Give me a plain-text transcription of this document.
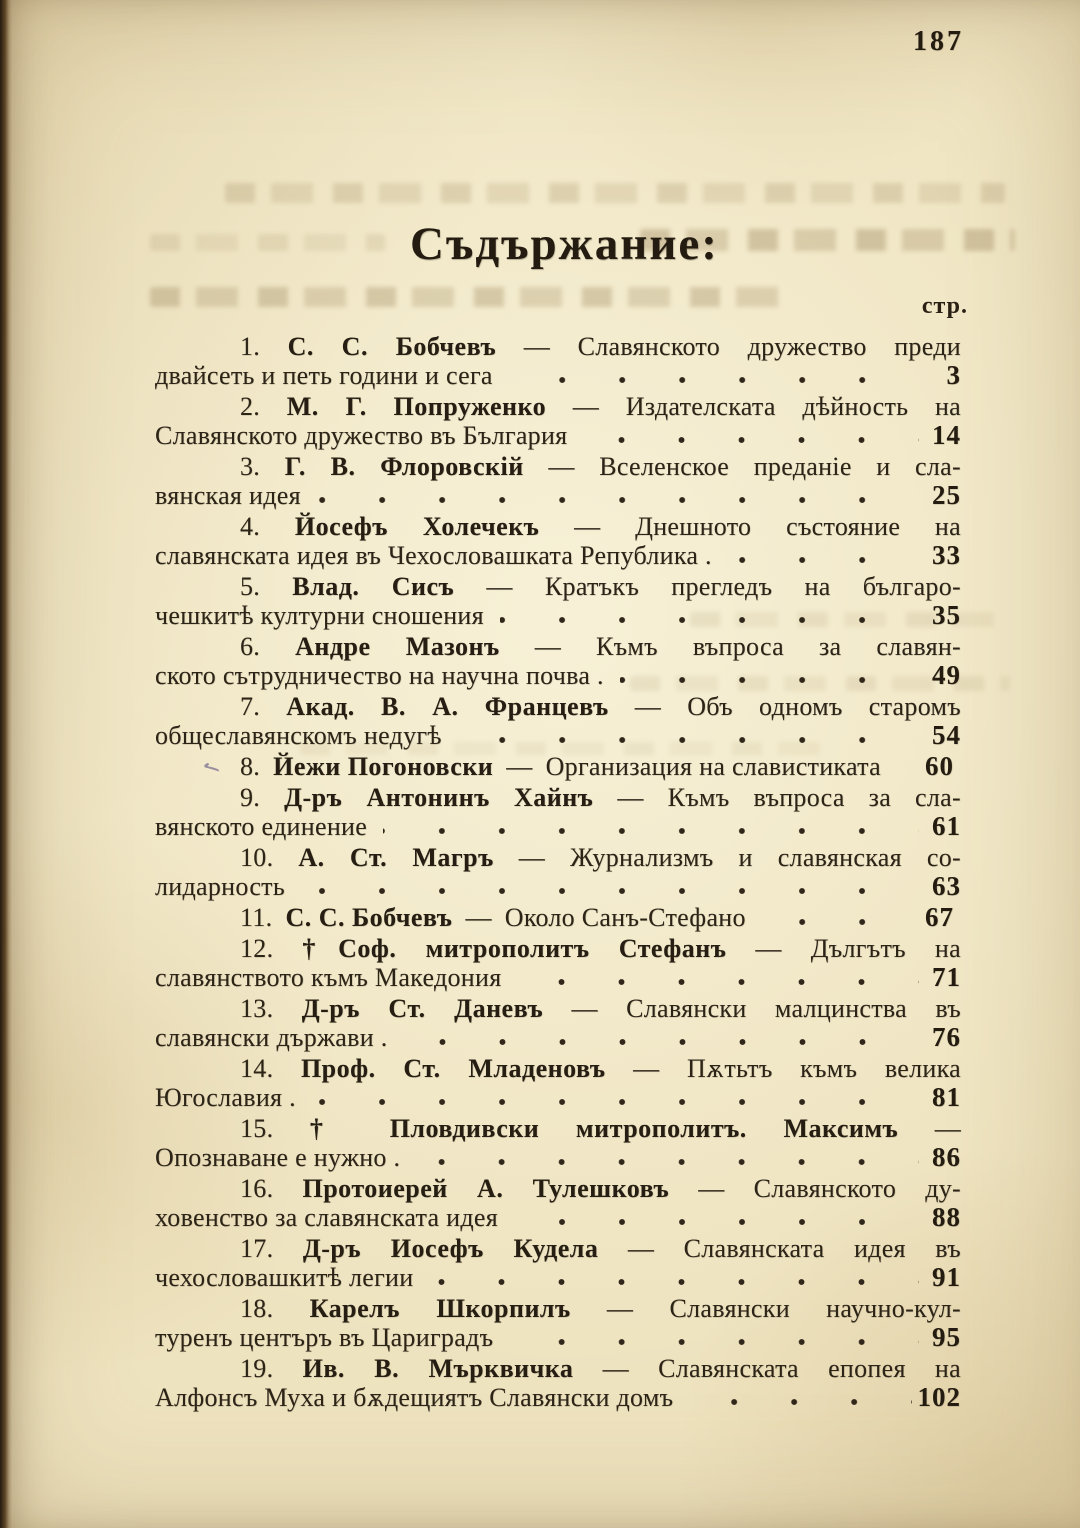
187
Съдържание:
стр.
1. С. С. Бобчевъ — Славянското дружество преди
двайсеть и петь години и сега	3
2. М. Г. Попруженко — Издателската дѣйность на
Славянското дружество въ България	14
3. Г. В. Флоровскій — Вселенское преданіе и сла-
вянская идея	25
4. Йосефъ Холечекъ — Днешното състояние на
славянската идея въ Чехословашката Република .	33
5. Влад. Сисъ — Кратъкъ прегледъ на българо-
чешкитѣ културни сношения	35
6. Андре Мазонъ — Къмъ въпроса за славян-
ското сътрудничество на научна почва .	49
7. Акад. В. А. Францевъ — Объ одномъ старомъ
общеславянскомъ недугѣ	54
✓ 8. Йежи Погоновски — Организация на славистиката 60
9. Д-ръ Антонинъ Хайнъ — Къмъ въпроса за сла-
вянското единение	61
10. А. Ст. Магръ — Журнализмъ и славянская со-
лидарность	63
11. С. С. Бобчевъ — Около Санъ-Стефано	67
12. †Соф. митрополитъ Стефанъ — Дългътъ на
славянството къмъ Македония	71
13. Д-ръ Ст. Даневъ — Славянски малцинства въ
славянски държави .	76
14. Проф. Ст. Младеновъ — Пѫтьтъ къмъ велика
Югославия .	81
15. † Пловдивски митрополитъ. Максимъ —
Опознаване е нужно .	86
16. Протоиерей А. Тулешковъ — Славянското ду-
ховенство за славянската идея	88
17. Д-ръ Иосефъ Кудела — Славянската идея въ
чехословашкитѣ легии	91
18. Карелъ Шкорпилъ — Славянски научно-кул-
туренъ центъръ въ Цариградъ	95
19. Ив. В. Мърквичка — Славянската епопея на
Алфонсъ Муха и бѫдещиятъ Славянски домъ	102
